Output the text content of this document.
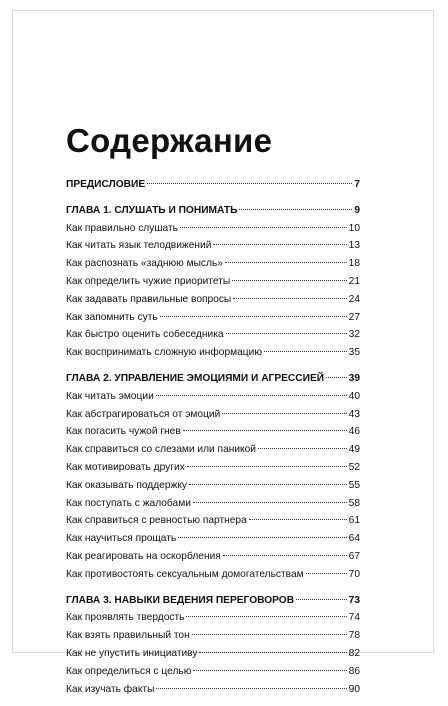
Содержание
ПРЕДИСЛОВИЕ	7
ГЛАВА 1. СЛУШАТЬ И ПОНИМАТЬ	9
Как правильно слушать	10
Как читать язык телодвижений	13
Как распознать «заднюю мысль»	18
Как определить чужие приоритеты	21
Как задавать правильные вопросы	24
Как запомнить суть	27
Как быстро оценить собеседника	32
Как воспринимать сложную информацию	35
ГЛАВА 2. УПРАВЛЕНИЕ ЭМОЦИЯМИ И АГРЕССИЕЙ 39
Как читать эмоции	40
Как абстрагироваться от эмоций	43
Как погасить чужой гнев	46
Как справиться со слезами или паникой	49
Как мотивировать других	52
Как оказывать поддержку	55
Как поступать с жалобами	58
Как справиться с ревностью партнера	61
Как научиться прощать	64
Как реагировать на оскорбления	67
Как противостоять сексуальным домогательствам	70
ГЛАВА 3. НАВЫКИ ВЕДЕНИЯ ПЕРЕГОВОРОВ	73
Как проявлять твердость	74
Как взять правильный тон	78
Как не упустить инициативу	82
Как определиться с целью	86
Как изучать факты	90
